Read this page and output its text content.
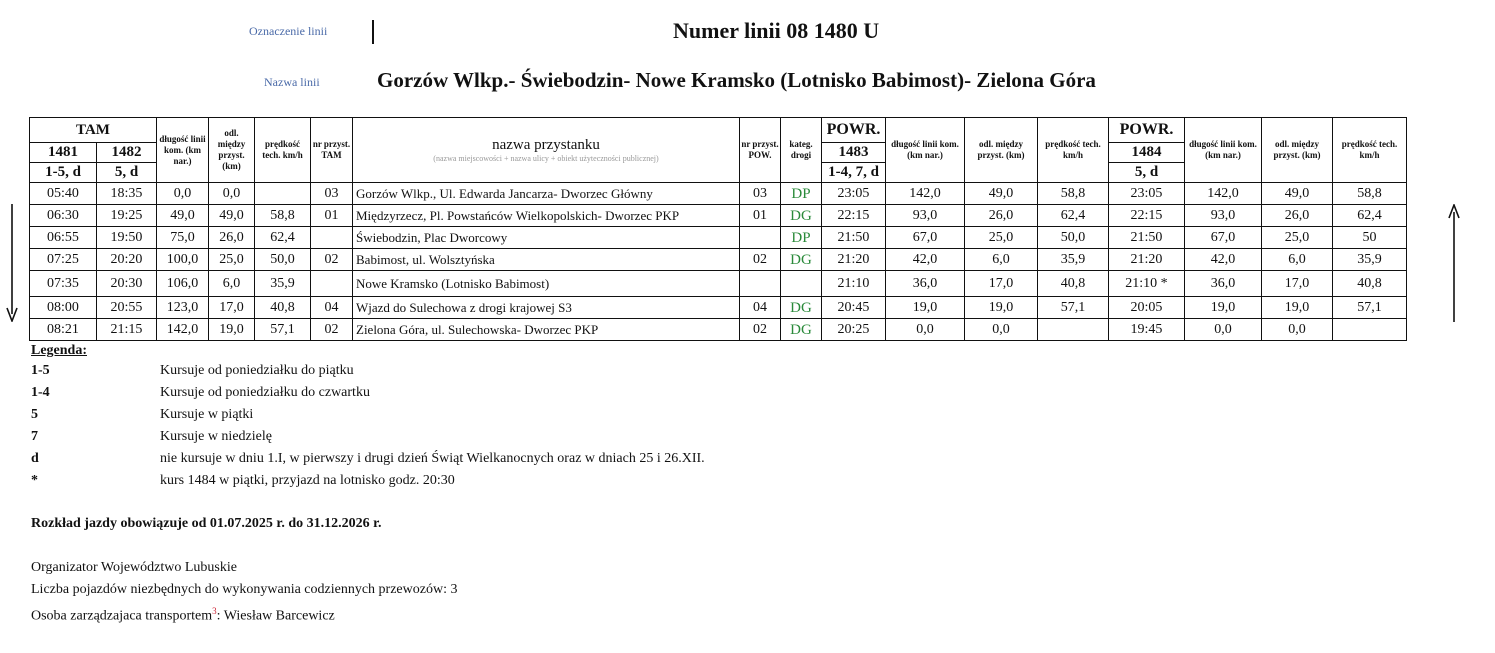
Oznaczenie linii	Numer linii 08 1480 U
Nazwa linii	Gorzów Wlkp.- Świebodzin- Nowe Kramsko (Lotnisko Babimost)- Zielona Góra
TAM		długość linii kom. (km nar.)	odl. między przyst. (km)	prędkość tech. km/h	nr przyst. TAM	nazwa przystanku
(nazwa miejscowości + nazwa ulicy + obiekt użyteczności publicznej)	nr przyst. POW.	kateg. drogi	POWR.	długość linii kom. (km nar.)	odl. między przyst. (km)	prędkość tech. km/h	POWR.	długość linii kom. (km nar.)	odl. między przyst. (km)	prędkość tech. km/h
1481	1482								1483				1484			
1-5, d	5, d								1-4, 7, d				5, d			
05:40	18:35	0,0	0,0		03	Gorzów Wlkp., Ul. Edwarda Jancarza- Dworzec Główny	03	DP	23:05	142,0	49,0	58,8	23:05	142,0	49,0	58,8
06:30	19:25	49,0	49,0	58,8	01	Międzyrzecz, Pl. Powstańców Wielkopolskich- Dworzec PKP	01	DG	22:15	93,0	26,0	62,4	22:15	93,0	26,0	62,4
06:55	19:50	75,0	26,0	62,4		Świebodzin, Plac Dworcowy		DP	21:50	67,0	25,0	50,0	21:50	67,0	25,0	50
07:25	20:20	100,0	25,0	50,0	02	Babimost, ul. Wolsztyńska	02	DG	21:20	42,0	6,0	35,9	21:20	42,0	6,0	35,9
07:35	20:30	106,0	6,0	35,9		Nowe Kramsko (Lotnisko Babimost)			21:10	36,0	17,0	40,8	21:10 *	36,0	17,0	40,8
08:00	20:55	123,0	17,0	40,8	04	Wjazd do Sulechowa z drogi krajowej S3	04	DG	20:45	19,0	19,0	57,1	20:05	19,0	19,0	57,1
08:21	21:15	142,0	19,0	57,1	02	Zielona Góra, ul. Sulechowska- Dworzec PKP	02	DG	20:25	0,0	0,0		19:45	0,0	0,0	
Legenda:
1-5	Kursuje od poniedziałku do piątku
1-4	Kursuje od poniedziałku do czwartku
5	Kursuje w piątki
7	Kursuje w niedzielę
d	nie kursuje w dniu 1.I, w pierwszy i drugi dzień Świąt Wielkanocnych oraz w dniach 25 i 26.XII.
*	kurs 1484 w piątki, przyjazd na lotnisko godz. 20:30
Rozkład jazdy obowiązuje od 01.07.2025 r. do 31.12.2026 r.
Organizator Województwo Lubuskie
Liczba pojazdów niezbędnych do wykonywania codziennych przewozów: 3
Osoba zarządzajaca transportem$^3$: Wiesław Barcewicz
